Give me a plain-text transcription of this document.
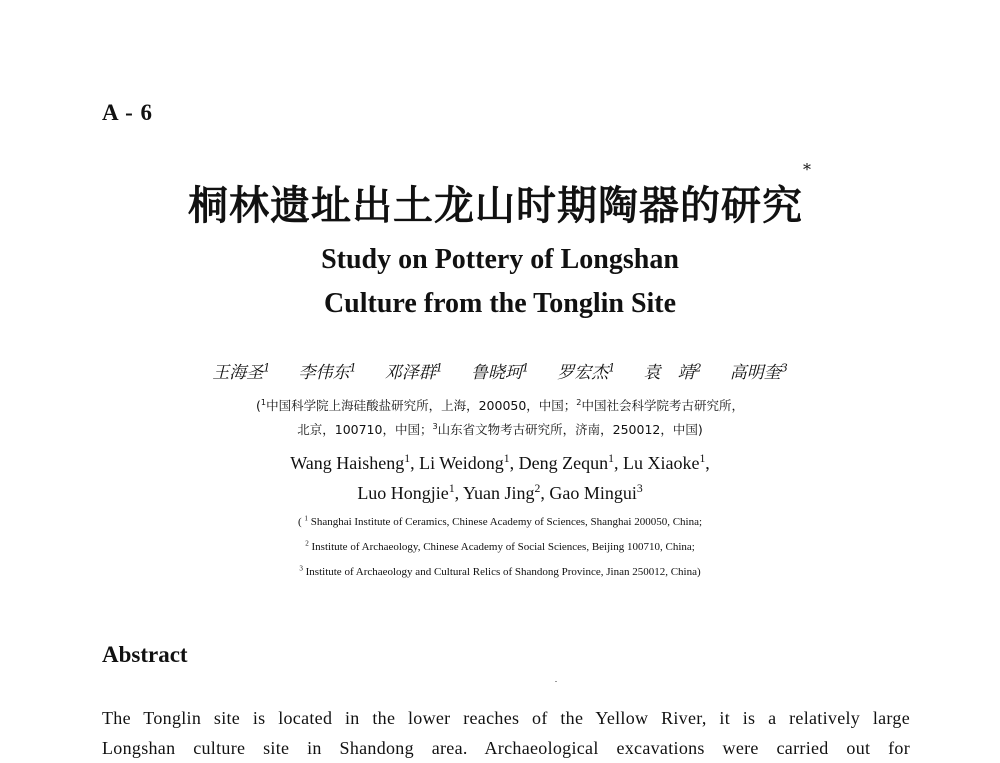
A - 6
桐林遗址出土龙山时期陶器的研究*
Study on Pottery of Longshan
Culture from the Tonglin Site
王海圣$^1$ 李伟东$^1$ 邓泽群$^1$ 鲁晓珂$^1$ 罗宏杰$^1$ 袁　靖$^2$ 高明奎$^3$
($^1$中国科学院上海硅酸盐研究所，上海，200050，中国；$^2$中国社会科学院考古研究所，
北京，100710，中国；$^3$山东省文物考古研究所，济南，250012，中国)
Wang Haisheng$^1$, Li Weidong$^1$, Deng Zequn$^1$, Lu Xiaoke$^1$,
Luo Hongjie$^1$, Yuan Jing$^2$, Gao Mingui$^3$
( $^1$ Shanghai Institute of Ceramics, Chinese Academy of Sciences, Shanghai 200050, China;
$^2$ Institute of Archaeology, Chinese Academy of Social Sciences, Beijing 100710, China;
$^3$ Institute of Archaeology and Cultural Relics of Shandong Province, Jinan 250012, China)
Abstract
The Tonglin site is located in the lower reaches of the Yellow River, it is a relatively large
Longshan culture site in Shandong area. Archaeological excavations were carried out for
